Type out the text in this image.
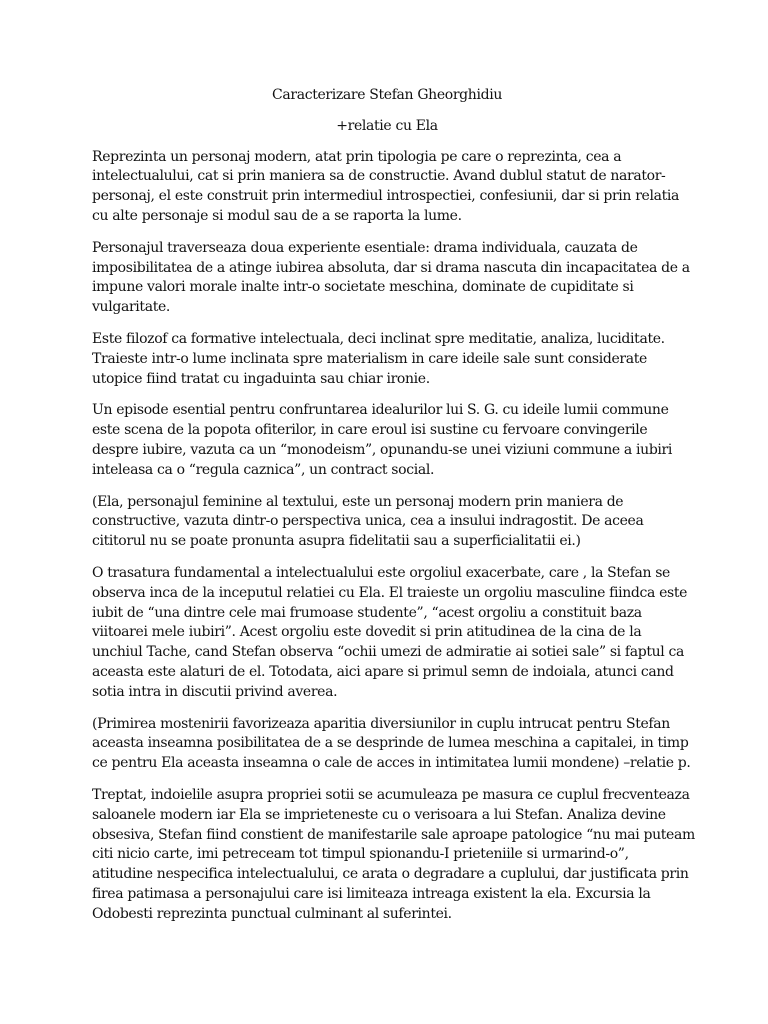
Caracterizare Stefan Gheorghidiu
+relatie cu Ela
Reprezinta un personaj modern, atat prin tipologia pe care o reprezinta, cea a
intelectualului, cat si prin maniera sa de constructie. Avand dublul statut de narator-
personaj, el este construit prin intermediul introspectiei, confesiunii, dar si prin relatia
cu alte personaje si modul sau de a se raporta la lume.
Personajul traverseaza doua experiente esentiale: drama individuala, cauzata de
imposibilitatea de a atinge iubirea absoluta, dar si drama nascuta din incapacitatea de a
impune valori morale inalte intr-o societate meschina, dominate de cupiditate si
vulgaritate.
Este filozof ca formative intelectuala, deci inclinat spre meditatie, analiza, luciditate.
Traieste intr-o lume inclinata spre materialism in care ideile sale sunt considerate
utopice fiind tratat cu ingaduinta sau chiar ironie.
Un episode esential pentru confruntarea idealurilor lui S. G. cu ideile lumii commune
este scena de la popota ofiterilor, in care eroul isi sustine cu fervoare convingerile
despre iubire, vazuta ca un “monodeism”, opunandu-se unei viziuni commune a iubiri
inteleasa ca o “regula caznica”, un contract social.
(Ela, personajul feminine al textului, este un personaj modern prin maniera de
constructive, vazuta dintr-o perspectiva unica, cea a insului indragostit. De aceea
cititorul nu se poate pronunta asupra fidelitatii sau a superficialitatii ei.)
O trasatura fundamental a intelectualului este orgoliul exacerbate, care , la Stefan se
observa inca de la inceputul relatiei cu Ela. El traieste un orgoliu masculine fiindca este
iubit de “una dintre cele mai frumoase studente”, “acest orgoliu a constituit baza
viitoarei mele iubiri”. Acest orgoliu este dovedit si prin atitudinea de la cina de la
unchiul Tache, cand Stefan observa “ochii umezi de admiratie ai sotiei sale” si faptul ca
aceasta este alaturi de el. Totodata, aici apare si primul semn de indoiala, atunci cand
sotia intra in discutii privind averea.
(Primirea mostenirii favorizeaza aparitia diversiunilor in cuplu intrucat pentru Stefan
aceasta inseamna posibilitatea de a se desprinde de lumea meschina a capitalei, in timp
ce pentru Ela aceasta inseamna o cale de acces in intimitatea lumii mondene) –relatie p.
Treptat, indoielile asupra propriei sotii se acumuleaza pe masura ce cuplul frecventeaza
saloanele modern iar Ela se imprieteneste cu o verisoara a lui Stefan. Analiza devine
obsesiva, Stefan fiind constient de manifestarile sale aproape patologice “nu mai puteam
citi nicio carte, imi petreceam tot timpul spionandu-I prieteniile si urmarind-o”,
atitudine nespecifica intelectualului, ce arata o degradare a cuplului, dar justificata prin
firea patimasa a personajului care isi limiteaza intreaga existent la ela. Excursia la
Odobesti reprezinta punctual culminant al suferintei.
